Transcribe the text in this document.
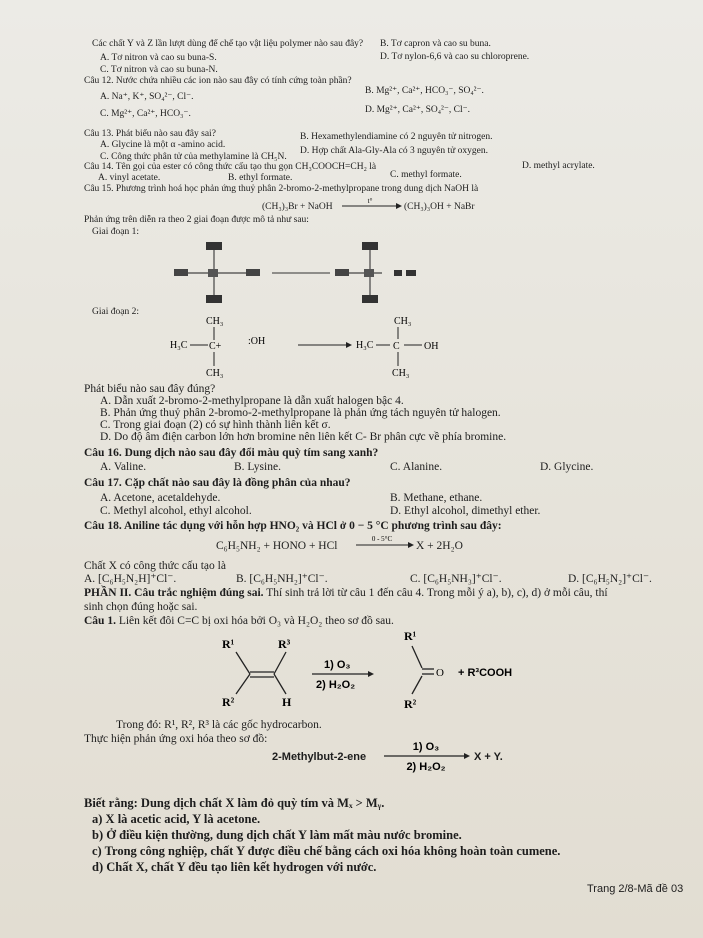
Các chất Y và Z lần lượt dùng để chế tạo vật liệu polymer nào sau đây? B. Tơ capron và cao su buna.
A. Tơ nitron và cao su buna-S.	D. Tơ nylon-6,6 và cao su chloroprene.
C. Tơ nitron và cao su buna-N.
Câu 12. Nước chứa nhiều các ion nào sau đây có tính cứng toàn phần?
A. Na⁺, K⁺, SO₄²⁻, Cl⁻.
B. Mg²⁺, Ca²⁺, HCO₃⁻, SO₄²⁻.
C. Mg²⁺, Ca²⁺, HCO₃⁻.	D. Mg²⁺, Ca²⁺, SO₄²⁻, Cl⁻.
Câu 13. Phát biểu nào sau đây sai?
A. Glycine là một α -amino acid.
B. Hexamethylendiamine có 2 nguyên tử nitrogen.
C. Công thức phân tử của methylamine là CH₅N.
D. Hợp chất Ala-Gly-Ala có 3 nguyên tử oxygen.
Câu 14. Tên gọi của ester có công thức cấu tạo thu gọn CH₃COOCH=CH₂ là
A. vinyl acetate.	B. ethyl formate.	C. methyl formate.
D. methyl acrylate.
Câu 15. Phương trình hoá học phản ứng thuỷ phân 2-bromo-2-methylpropane trong dung dịch NaOH là
(CH₃)₃Br + NaOH
t°
(CH₃)₃OH + NaBr
Phản ứng trên diễn ra theo 2 giai đoạn được mô tả như sau:
Giai đoạn 1:
Giai đoạn 2:
CH₃
H₃C C+
CH₃
:OH	H₃C
CH₃
C OH
CH₃
Phát biểu nào sau đây đúng?
A. Dẫn xuất 2-bromo-2-methylpropane là dẫn xuất halogen bậc 4.
B. Phản ứng thuỷ phân 2-bromo-2-methylpropane là phản ứng tách nguyên tử halogen.
C. Trong giai đoạn (2) có sự hình thành liên kết σ.
D. Do độ âm điện carbon lớn hơn bromine nên liên kết C- Br phân cực về phía bromine.
Câu 16. Dung dịch nào sau đây đổi màu quỳ tím sang xanh?
A. Valine.	B. Lysine.	C. Alanine.	D. Glycine.
Câu 17. Cặp chất nào sau đây là đồng phân của nhau?
A. Acetone, acetaldehyde.	B. Methane, ethane.
C. Methyl alcohol, ethyl alcohol.	D. Ethyl alcohol, dimethyl ether.
Câu 18. Aniline tác dụng với hỗn hợp HNO₂ và HCl ở 0 − 5 °C phương trình sau đây:
C₆H₅NH₂ + HONO + HCl
0 - 5°C
X + 2H₂O
Chất X có công thức cấu tạo là
A. [C₆H₅N₂H]⁺Cl⁻.	B. [C₆H₅NH₂]⁺Cl⁻.	C. [C₆H₅NH₃]⁺Cl⁻.	D. [C₆H₅N₂]⁺Cl⁻.
PHẦN II. Câu trắc nghiệm đúng sai. Thí sinh trả lời từ câu 1 đến câu 4. Trong mỗi ý a), b), c), d) ở mỗi câu, thí
sinh chọn đúng hoặc sai.
Câu 1. Liên kết đôi C=C bị oxi hóa bởi O₃ và H₂O₂ theo sơ đồ sau.
R¹	R³
R²	H
1) O₃
2) H₂O₂
R¹
R²
O + R³COOH
Trong đó: R¹, R², R³ là các gốc hydrocarbon.
Thực hiện phản ứng oxi hóa theo sơ đồ:
2-Methylbut-2-ene
1) O₃
2) H₂O₂
X + Y.
Biết rằng: Dung dịch chất X làm đỏ quỳ tím và Mₓ > Mᵧ.
a) X là acetic acid, Y là acetone.
b) Ở điều kiện thường, dung dịch chất Y làm mất màu nước bromine.
c) Trong công nghiệp, chất Y được điều chế bằng cách oxi hóa không hoàn toàn cumene.
d) Chất X, chất Y đều tạo liên kết hydrogen với nước.
Trang 2/8-Mã đề 03
